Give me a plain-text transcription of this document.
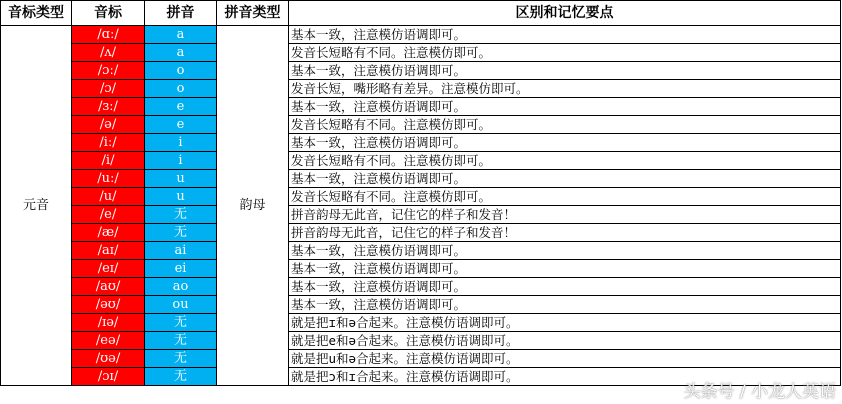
音标类型	音标	拼音	拼音类型	区别和记忆要点
元音	/ɑː/	a	韵母	基本一致，注意模仿语调即可。
	/ʌ/	a		发音长短略有不同。注意模仿即可。
	/ɔː/	o		基本一致，注意模仿语调即可。
	/ɔ/	o		发音长短，嘴形略有差异。注意模仿即可。
	/ɜː/	e		基本一致，注意模仿语调即可。
	/ə/	e		发音长短略有不同。注意模仿即可。
	/iː/	i		基本一致，注意模仿语调即可。
	/i/	i		发音长短略有不同。注意模仿即可。
	/uː/	u		基本一致，注意模仿语调即可。
	/u/	u		发音长短略有不同。注意模仿即可。
	/e/	无		拼音韵母无此音，记住它的样子和发音！
	/æ/	无		拼音韵母无此音，记住它的样子和发音！
	/aɪ/	ai		基本一致，注意模仿语调即可。
	/eɪ/	ei		基本一致，注意模仿语调即可。
	/aʊ/	ao		基本一致，注意模仿语调即可。
	/əʊ/	ou		基本一致，注意模仿语调即可。
	/ɪə/	无		就是把ɪ和ə合起来。注意模仿语调即可。
	/eə/	无		就是把e和ə合起来。注意模仿语调即可。
	/ʊə/	无		就是把u和ə合起来。注意模仿语调即可。
	/ɔɪ/	无		就是把ɔ和ɪ合起来。注意模仿语调即可。
头条号 / 小龙人英语
